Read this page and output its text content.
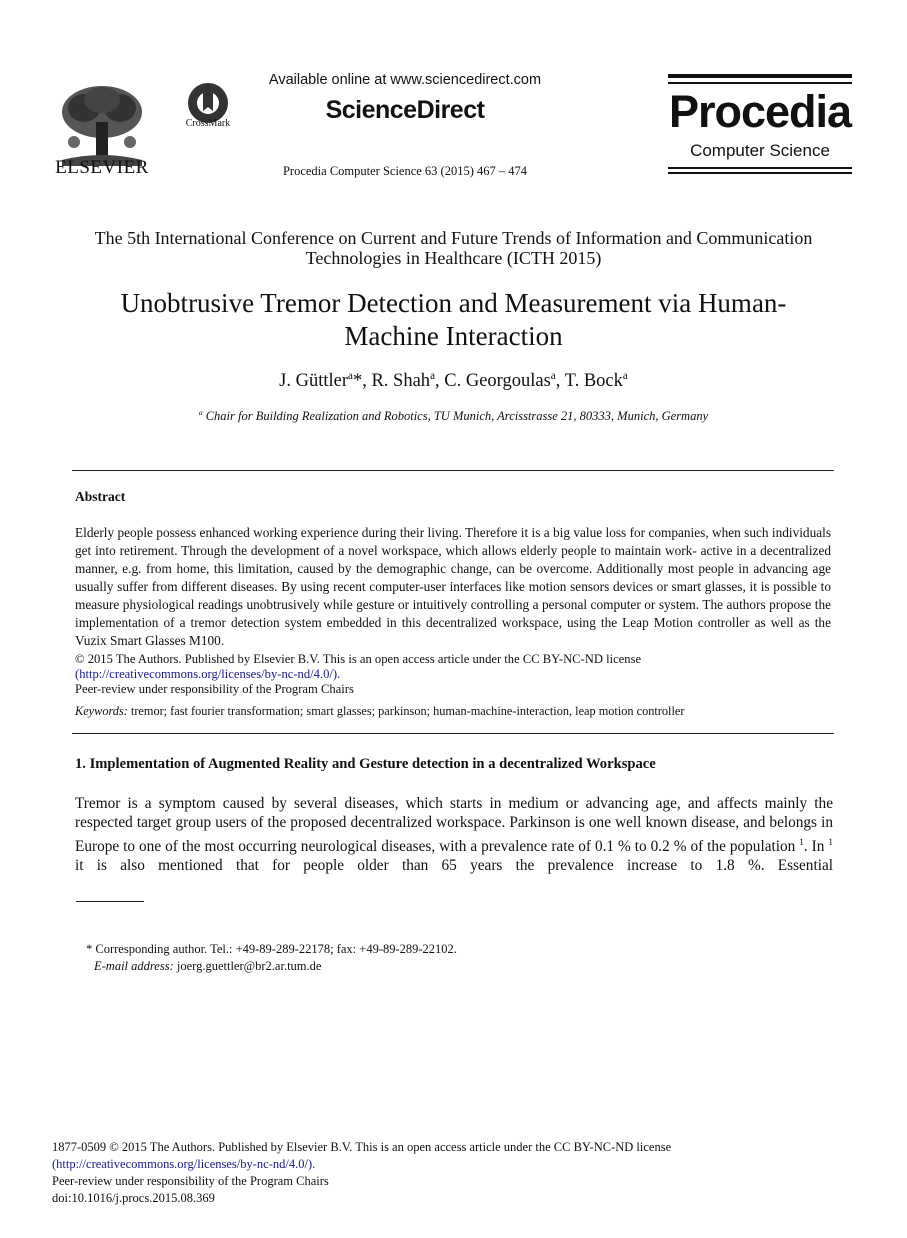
ELSEVIER
CrossMark
Available online at www.sciencedirect.com
ScienceDirect
Procedia Computer Science 63 (2015) 467 – 474
Procedia
Computer Science
The 5th International Conference on Current and Future Trends of Information and Communication Technologies in Healthcare (ICTH 2015)
Unobtrusive Tremor Detection and Measurement via Human-Machine Interaction
J. Güttler$^a$*, R. Shah$^a$, C. Georgoulas$^a$, T. Bock$^a$
$^a$ Chair for Building Realization and Robotics, TU Munich, Arcisstrasse 21, 80333, Munich, Germany
Abstract
Elderly people possess enhanced working experience during their living. Therefore it is a big value loss for companies, when such individuals get into retirement. Through the development of a novel workspace, which allows elderly people to maintain work- active in a decentralized manner, e.g. from home, this limitation, caused by the demographic change, can be overcome. Additionally most people in advancing age usually suffer from different diseases. By using recent computer-user interfaces like motion sensors devices or smart glasses, it is possible to measure physiological readings unobtrusively while gesture or intuitively controlling a personal computer or system. The authors propose the implementation of a tremor detection system embedded in this decentralized workspace, using the Leap Motion controller as well as the Vuzix Smart Glasses M100.
© 2015 The Authors. Published by Elsevier B.V. This is an open access article under the CC BY-NC-ND license
(http://creativecommons.org/licenses/by-nc-nd/4.0/).
Peer-review under responsibility of the Program Chairs
Keywords: tremor; fast fourier transformation; smart glasses; parkinson; human-machine-interaction, leap motion controller
1. Implementation of Augmented Reality and Gesture detection in a decentralized Workspace
Tremor is a symptom caused by several diseases, which starts in medium or advancing age, and affects mainly the respected target group users of the proposed decentralized workspace. Parkinson is one well known disease, and belongs in Europe to one of the most occurring neurological diseases, with a prevalence rate of 0.1 % to 0.2 % of the population $^1$. In $^1$ it is also mentioned that for people older than 65 years the prevalence increase to 1.8 %. Essential
* Corresponding author. Tel.: +49-89-289-22178; fax: +49-89-289-22102.
E-mail address: joerg.guettler@br2.ar.tum.de
1877-0509 © 2015 The Authors. Published by Elsevier B.V. This is an open access article under the CC BY-NC-ND license
(http://creativecommons.org/licenses/by-nc-nd/4.0/).
Peer-review under responsibility of the Program Chairs
doi:10.1016/j.procs.2015.08.369
